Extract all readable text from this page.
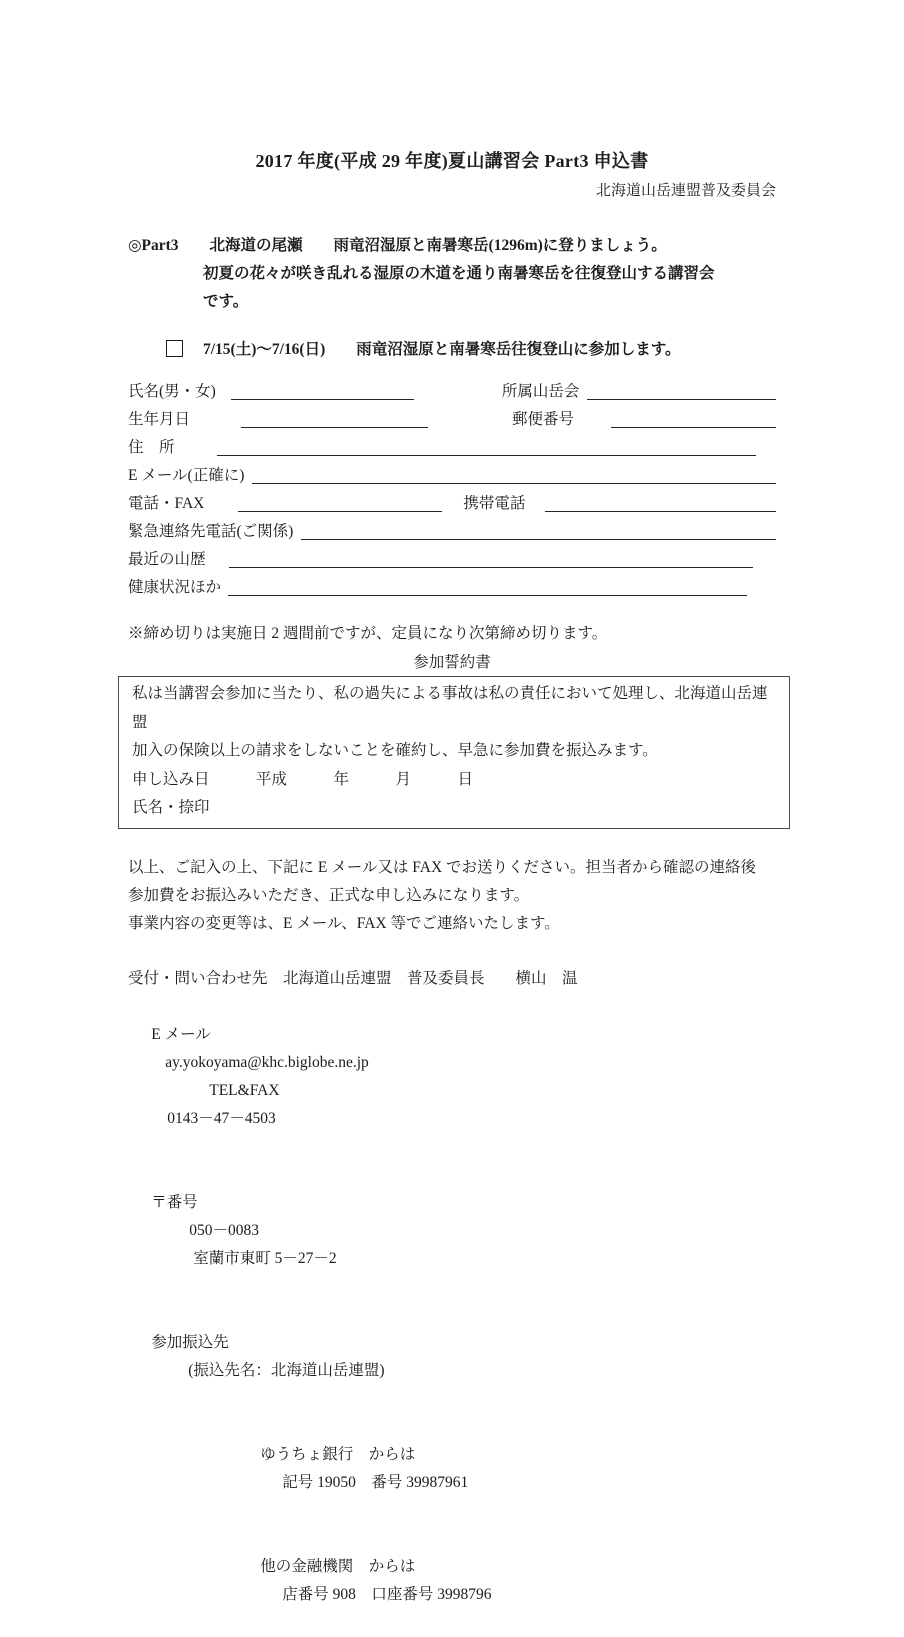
2017 年度(平成 29 年度)夏山講習会 Part3 申込書
北海道山岳連盟普及委員会
◎Part3　　北海道の尾瀬　　雨竜沼湿原と南暑寒岳(1296m)に登りましょう。
初夏の花々が咲き乱れる湿原の木道を通り南暑寒岳を往復登山する講習会
です。
7/15(土)～7/16(日)　　雨竜沼湿原と南暑寒岳往復登山に参加します。
氏名(男・女)	所属山岳会
生年月日	郵便番号
住　所
E メール(正確に)
電話・FAX	携帯電話
緊急連絡先電話(ご関係)
最近の山歴
健康状況ほか
※締め切りは実施日 2 週間前ですが、定員になり次第締め切ります。
参加誓約書
私は当講習会参加に当たり、私の過失による事故は私の責任において処理し、北海道山岳連盟
加入の保険以上の請求をしないことを確約し、早急に参加費を振込みます。
申し込み日　　　平成　　　年　　　月　　　日
氏名・捺印
以上、ご記入の上、下記に E メール又は FAX でお送りください。担当者から確認の連絡後
参加費をお振込みいただき、正式な申し込みになります。
事業内容の変更等は、E メール、FAX 等でご連絡いたします。
受付・問い合わせ先　北海道山岳連盟　普及委員長　　横山　温

E メール
ay.yokoyama@khc.biglobe.ne.jp
TEL&FAX
0143－47－4503

〒番号
050－0083
室蘭市東町 5－27－2

参加振込先
(振込先名：北海道山岳連盟)

ゆうちょ銀行　からは
記号 19050　番号 39987961

他の金融機関　からは
店番号 908　口座番号 3998796
